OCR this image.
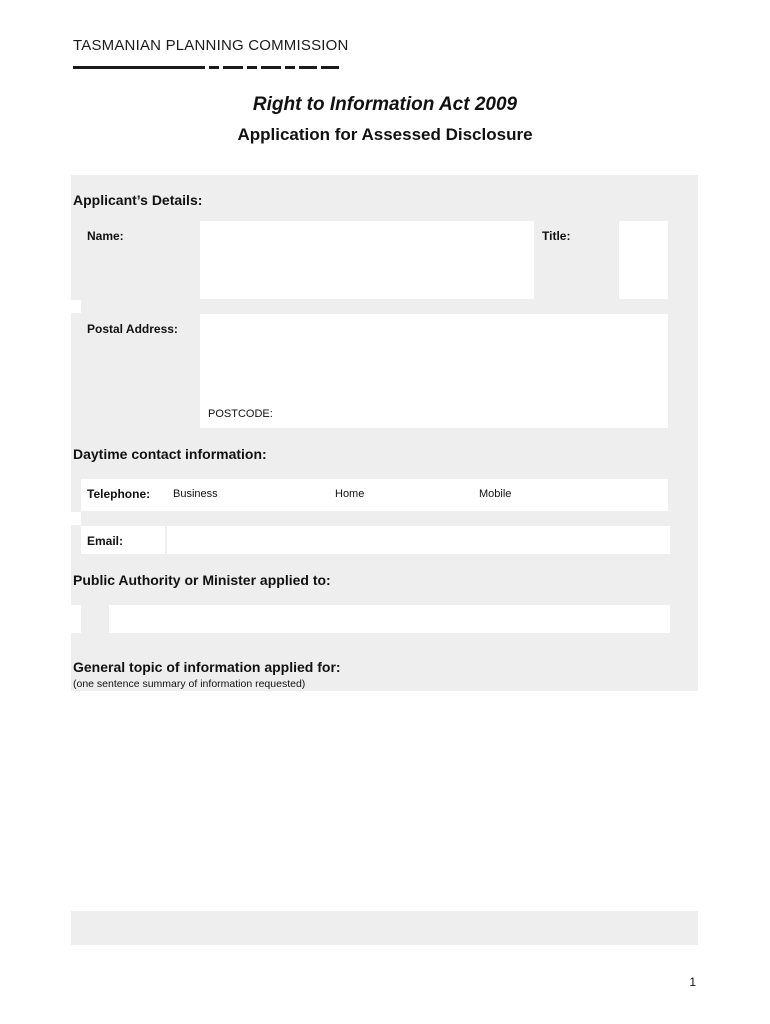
TASMANIAN PLANNING COMMISSION
Right to Information Act 2009
Application for Assessed Disclosure
Applicant’s Details:
Name:	Title:
Postal Address:
POSTCODE:
Daytime contact information:
Telephone: Business	Home	Mobile
Email:
Public Authority or Minister applied to:
General topic of information applied for:
(one sentence summary of information requested)
1
